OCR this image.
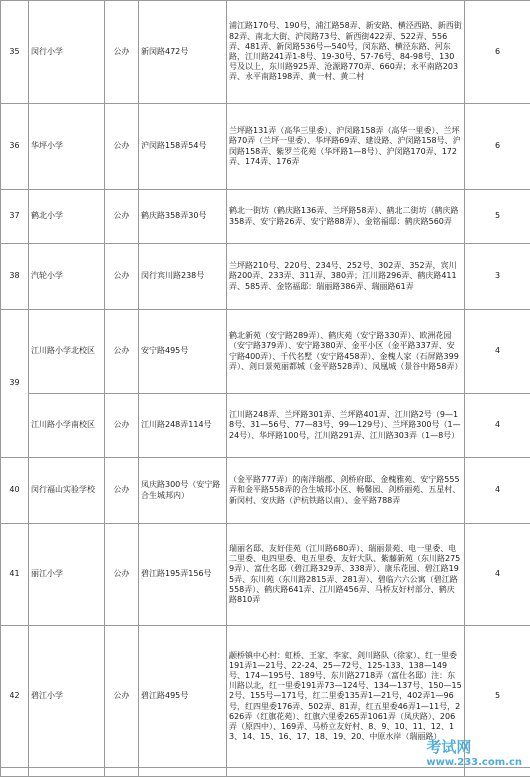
35	闵行小学	公办	新闵路472号	浦江路170号、190号，浦江路58弄、新安路、横泾西路、新西街82弄、南北大街、沪闵路73号、新西街422弄、522弄、556弄、481弄、新闵路536号—540号，闵东路、横泾东路、河东路，江川路241弄1-8号、19-30号、57-76号、84-98号、130号及以上，东川路925弄、沧源路770弄、660弄；永平南路203弄、永平南路198弄、黄一村、黄二村	6
36	华坪小学	公办	沪闵路158弄54号	兰坪路131弄（高华三里委）、沪闵路158弄（高华一里委）、兰坪路70弄（兰坪一里委）、华坪路69弄、建设路、沪闵路158号、沪闵路158弄、紫罗兰花苑（华坪路1—8号）、沪闵路170弄、172弄、174弄、176弄	6
37	鹤北小学	公办	鹤庆路358弄30号	鹤北一街坊（鹤庆路136弄、兰坪路58弄）、鹤北二街坊（鹤庆路358弄、安宁路26弄、安宁路88弄）、金铭福邸：鹤庆路560弄	5
38	汽轮小学	公办	闵行宾川路238号	兰坪路210号、220号、234号、252号、302弄、352弄，宾川路200弄、233弄、311弄、380弄；江川路296弄、鹤庆路411弄、585弄、金铭福邸：瑞丽路386弄、瑞丽路61弄	3
39	江川路小学北校区	公办	安宁路495号	鹤北新苑（安宁路289弄）、鹤庆苑（安宁路330弄）、欧洲花园（安宁路379弄）、安宁路380弄、金平小区（金平路337弄、安宁路400弄）、千代名墅（安宁路458弄）、金槐人家（石屏路399弄）、剑日景苑丽都城（金平路528弄）、凤凰城（景谷中路58弄）	4
	江川路小学南校区	公办	江川路248弄114号	江川路248弄、兰坪路301弄、兰坪路401弄、江川路2号（9—18号、31—56号、77—83号、99—129号）、兰坪路300号（1—24号）、华坪路100号，江川路291弄、江川路303弄（1—8号）	4
40	闵行福山实验学校	公办	凤庆路300号（安宁路合生城邦内）	（金平路777弄）的南洋瑞郡、剑桥府邸、金槐雅苑、安宁路555弄和金平路558弄的合生城邦小区、畅馨园、剑桥丽苑、五星村、新闵村、安庆路（沪杭铁路以南）、金平路788弄	4
41	丽江小学	公办	碧江路195弄156号	瑞丽名邸、友好佳苑（江川路680弄）、瑞丽景苑、电一里委、电二里委、电四里委、电五里委、友好大队、紫藤新苑（东川路2759弄）、富仕名邸（碧江路329弄、338弄）、康乐花园、碧江路195弄、东川苑（东川路2815弄、281弄）、碧临六六公寓（碧江路558弄）、鹤庆路641弄、江川路456弄、马桥友好村部分、鹤庆路810弄	4
42	碧江小学	公办	碧江路495号	颛桥镇中心村：虹桥、王家、李家、剑川路队（徐家）、红一里委191弄1—21号、22-24、25—72号、125-133、138—149号、174—195号、189号、东川路2718弄（富仕名邸）注：东川路以北，红一里委191弄73—124号、134—137号、150—152号、155号—171号，红二里委135弄1—21号，402弄1—96号，红四里委176弄、502弄、81弄，红五里委46弄1—11号，2626弄（红旗花苑）、红旗六里委265弄1061弄（凤庆路）、206弄（原四中）、169弄、马桥立友好村、8、9、10、11、12、13、14、15、16、17、18、19、20、中原水岸（瑞丽路）	5

考试网
www.233.com.cn
